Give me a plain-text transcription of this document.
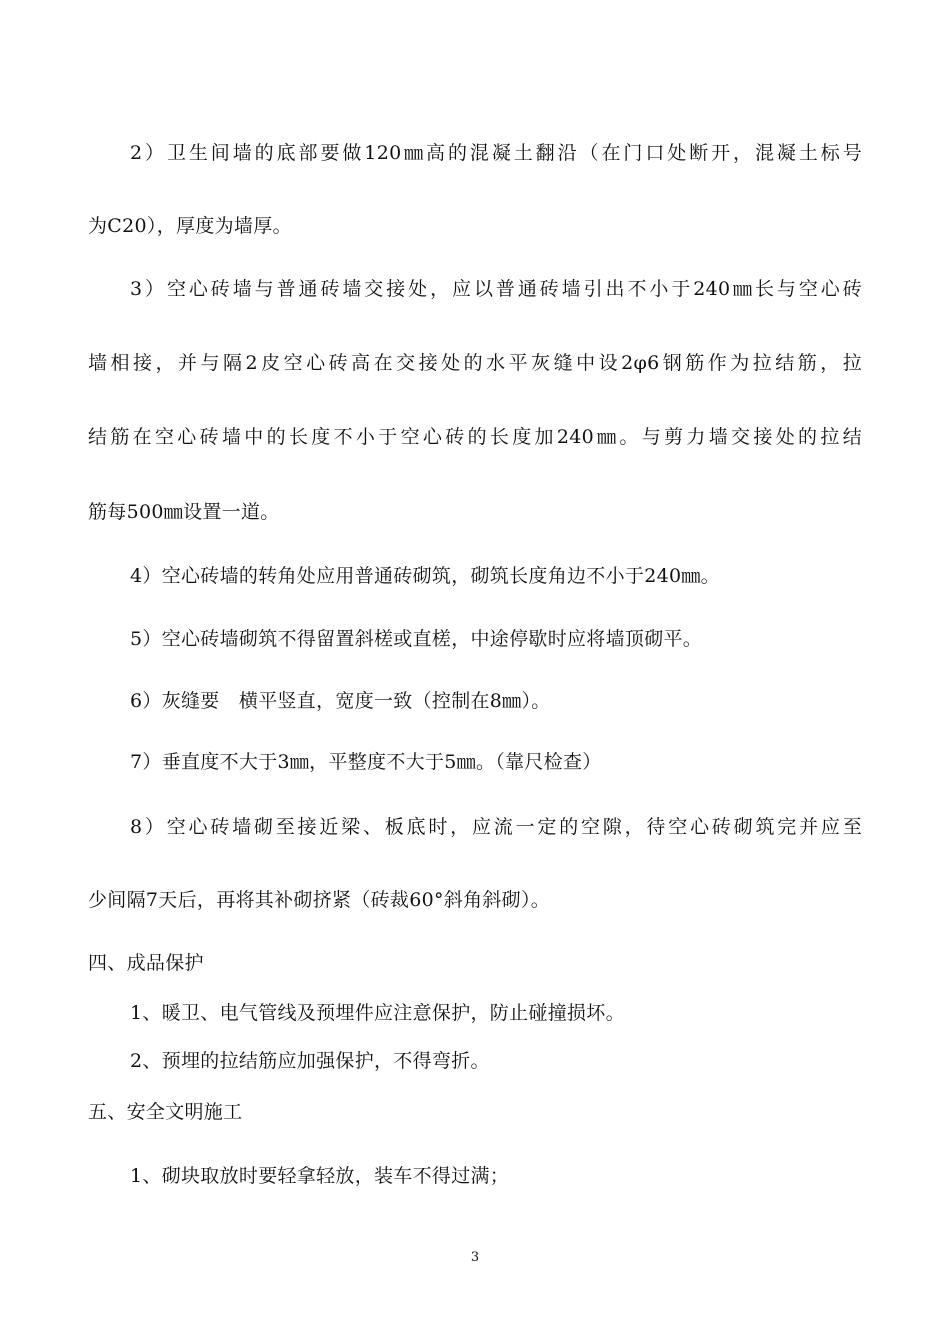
2）卫生间墙的底部要做120㎜高的混凝土翻沿（在门口处断开，混凝土标号
为C20），厚度为墙厚。
3）空心砖墙与普通砖墙交接处，应以普通砖墙引出不小于240㎜长与空心砖
墙相接，并与隔2皮空心砖高在交接处的水平灰缝中设2φ6钢筋作为拉结筋，拉
结筋在空心砖墙中的长度不小于空心砖的长度加240㎜。与剪力墙交接处的拉结
筋每500㎜设置一道。
4）空心砖墙的转角处应用普通砖砌筑，砌筑长度角边不小于240㎜。
5）空心砖墙砌筑不得留置斜槎或直槎，中途停歇时应将墙顶砌平。
6）灰缝要　横平竖直，宽度一致（控制在8㎜）。
7）垂直度不大于3㎜，平整度不大于5㎜。（靠尺检查）
8）空心砖墙砌至接近梁、板底时，应流一定的空隙，待空心砖砌筑完并应至
少间隔7天后，再将其补砌挤紧（砖裁60°斜角斜砌）。
四、成品保护
1、暖卫、电气管线及预埋件应注意保护，防止碰撞损坏。
2、预埋的拉结筋应加强保护，不得弯折。
五、安全文明施工
1、砌块取放时要轻拿轻放，装车不得过满；
3
